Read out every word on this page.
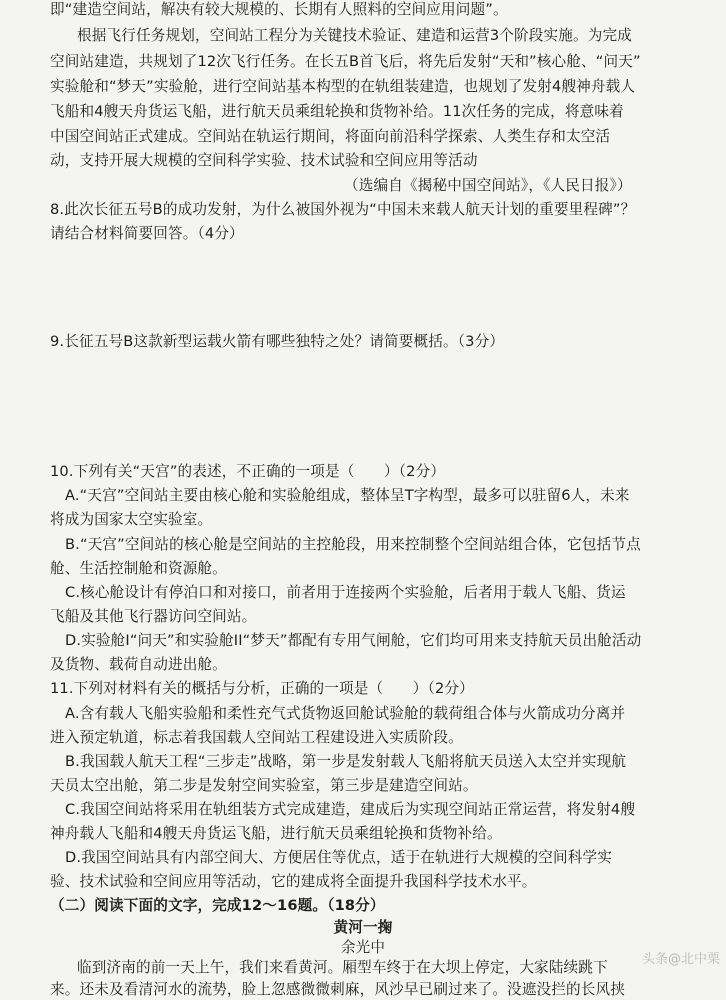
即“建造空间站，解决有较大规模的、长期有人照料的空间应用问题”。
根据飞行任务规划，空间站工程分为关键技术验证、建造和运营3个阶段实施。为完成
空间站建造，共规划了12次飞行任务。在长五B首飞后，将先后发射“天和”核心舱、“问天”
实验舱和“梦天”实验舱，进行空间站基本构型的在轨组装建造，也规划了发射4艘神舟载人
飞船和4艘天舟货运飞船，进行航天员乘组轮换和货物补给。11次任务的完成，将意味着
中国空间站正式建成。空间站在轨运行期间，将面向前沿科学探索、人类生存和太空活
动，支持开展大规模的空间科学实验、技术试验和空间应用等活动
（选编自《揭秘中国空间站》，《人民日报》）
8.此次长征五号B的成功发射，为什么被国外视为“中国未来载人航天计划的重要里程碑”？
请结合材料简要回答。（4分）
9.长征五号B这款新型运载火箭有哪些独特之处？请简要概括。（3分）
10.下列有关“天宫”的表述，不正确的一项是（　　）（2分）
A.“天宫”空间站主要由核心舱和实验舱组成，整体呈T字构型，最多可以驻留6人，未来
将成为国家太空实验室。
B.“天宫”空间站的核心舱是空间站的主控舱段，用来控制整个空间站组合体，它包括节点
舱、生活控制舱和资源舱。
C.核心舱设计有停泊口和对接口，前者用于连接两个实验舱，后者用于载人飞船、货运
飞船及其他飞行器访问空间站。
D.实验舱I“问天”和实验舱II“梦天”都配有专用气闸舱，它们均可用来支持航天员出舱活动
及货物、载荷自动进出舱。
11.下列对材料有关的概括与分析，正确的一项是（　　）（2分）
A.含有载人飞船实验船和柔性充气式货物返回舱试验舱的载荷组合体与火箭成功分离并
进入预定轨道，标志着我国载人空间站工程建设进入实质阶段。
B.我国载人航天工程“三步走”战略，第一步是发射载人飞船将航天员送入太空并实现航
天员太空出舱，第二步是发射空间实验室，第三步是建造空间站。
C.我国空间站将采用在轨组装方式完成建造，建成后为实现空间站正常运营，将发射4艘
神舟载人飞船和4艘天舟货运飞船，进行航天员乘组轮换和货物补给。
D.我国空间站具有内部空间大、方便居住等优点，适于在轨进行大规模的空间科学实
验、技术试验和空间应用等活动，它的建成将全面提升我国科学技术水平。
（二）阅读下面的文字，完成12～16题。（18分）
黄河一掬
余光中
临到济南的前一天上午，我们来看黄河。厢型车终于在大坝上停定，大家陆续跳下
来。还未及看清河水的流势，脸上忽感微微刺麻，风沙早已刷过来了。没遮没拦的长风挟
头条@北中栗
